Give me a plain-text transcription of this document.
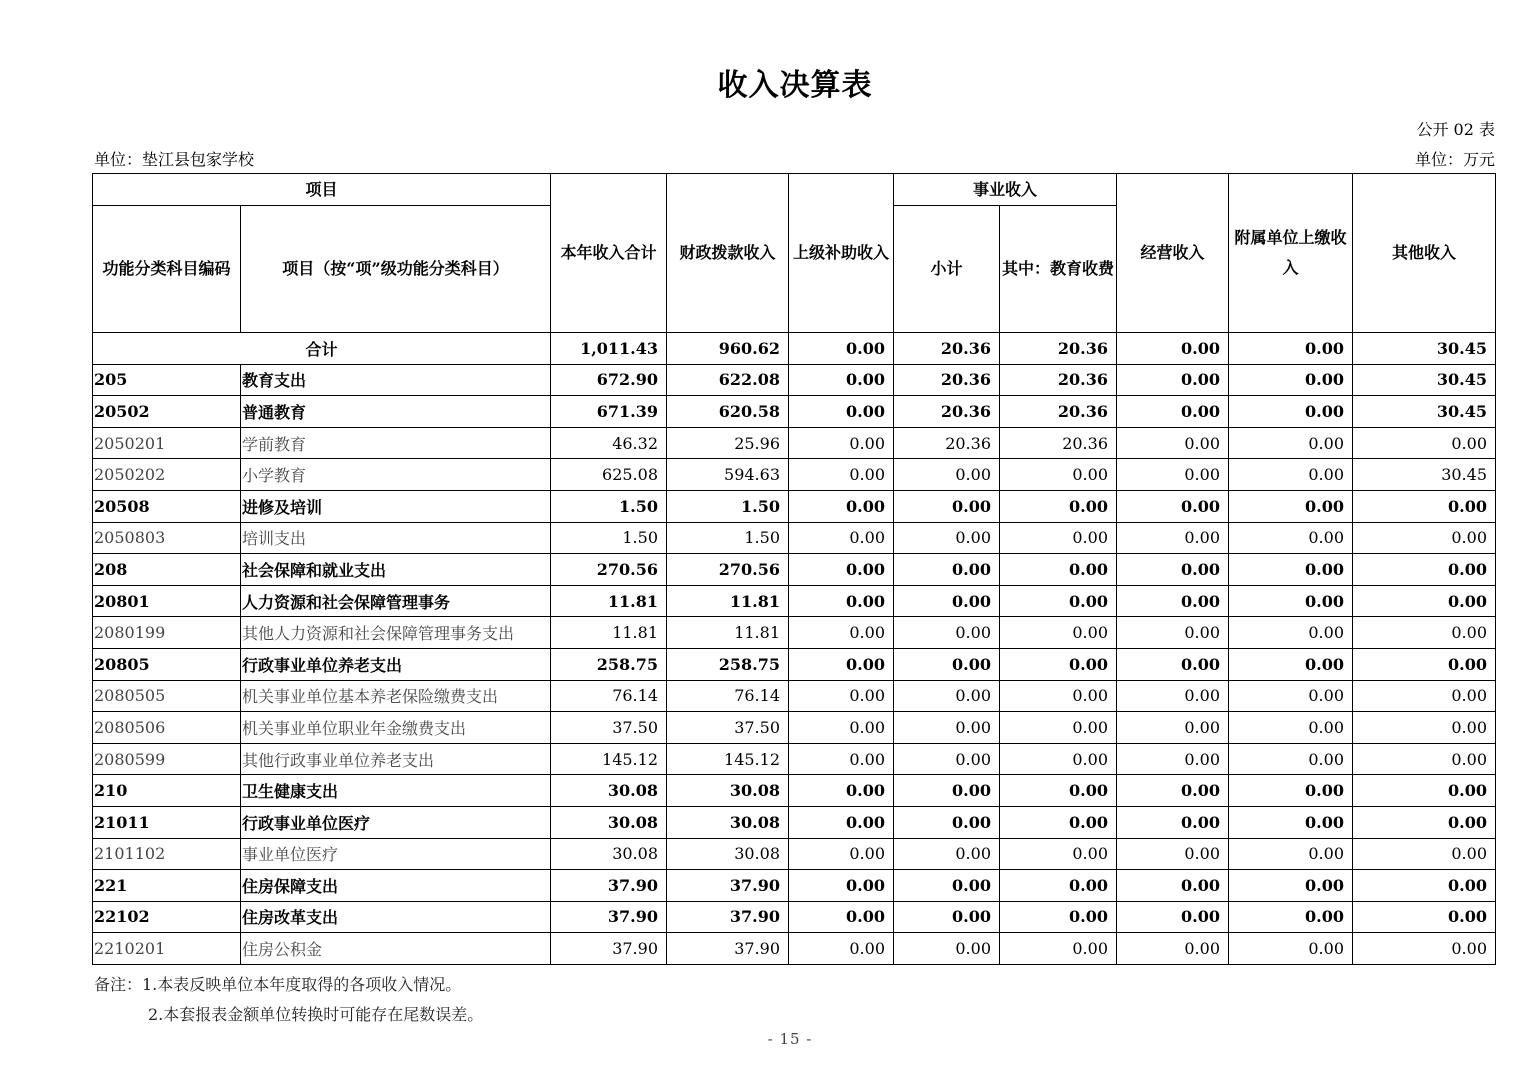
收入决算表
公开 02 表
单位：垫江县包家学校	单位：万元
项目		本年收入合计	财政拨款收入	上级补助收入	事业收入		经营收入	附属单位上缴收入	其他收入
功能分类科目编码	项目（按“项”级功能分类科目）				小计	其中：教育收费			
合计		1,011.43	960.62	0.00	20.36	20.36	0.00	0.00	30.45
205	教育支出	672.90	622.08	0.00	20.36	20.36	0.00	0.00	30.45
20502	普通教育	671.39	620.58	0.00	20.36	20.36	0.00	0.00	30.45
2050201	学前教育	46.32	25.96	0.00	20.36	20.36	0.00	0.00	0.00
2050202	小学教育	625.08	594.63	0.00	0.00	0.00	0.00	0.00	30.45
20508	进修及培训	1.50	1.50	0.00	0.00	0.00	0.00	0.00	0.00
2050803	培训支出	1.50	1.50	0.00	0.00	0.00	0.00	0.00	0.00
208	社会保障和就业支出	270.56	270.56	0.00	0.00	0.00	0.00	0.00	0.00
20801	人力资源和社会保障管理事务	11.81	11.81	0.00	0.00	0.00	0.00	0.00	0.00
2080199	其他人力资源和社会保障管理事务支出	11.81	11.81	0.00	0.00	0.00	0.00	0.00	0.00
20805	行政事业单位养老支出	258.75	258.75	0.00	0.00	0.00	0.00	0.00	0.00
2080505	机关事业单位基本养老保险缴费支出	76.14	76.14	0.00	0.00	0.00	0.00	0.00	0.00
2080506	机关事业单位职业年金缴费支出	37.50	37.50	0.00	0.00	0.00	0.00	0.00	0.00
2080599	其他行政事业单位养老支出	145.12	145.12	0.00	0.00	0.00	0.00	0.00	0.00
210	卫生健康支出	30.08	30.08	0.00	0.00	0.00	0.00	0.00	0.00
21011	行政事业单位医疗	30.08	30.08	0.00	0.00	0.00	0.00	0.00	0.00
2101102	事业单位医疗	30.08	30.08	0.00	0.00	0.00	0.00	0.00	0.00
221	住房保障支出	37.90	37.90	0.00	0.00	0.00	0.00	0.00	0.00
22102	住房改革支出	37.90	37.90	0.00	0.00	0.00	0.00	0.00	0.00
2210201	住房公积金	37.90	37.90	0.00	0.00	0.00	0.00	0.00	0.00
备注：1.本表反映单位本年度取得的各项收入情况。
2.本套报表金额单位转换时可能存在尾数误差。
- 15 -
